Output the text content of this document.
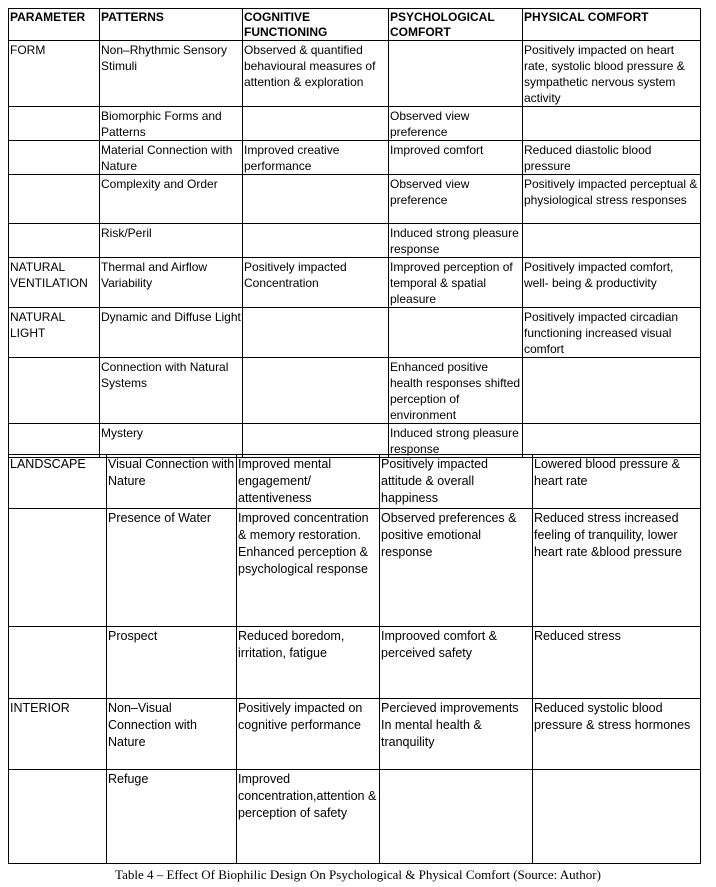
PARAMETER	PATTERNS	COGNITIVE FUNCTIONING	PSYCHOLOGICAL COMFORT	PHYSICAL COMFORT
FORM	Non–Rhythmic Sensory Stimuli	Observed & quantified behavioural measures of attention & exploration		Positively impacted on heart rate, systolic blood pressure & sympathetic nervous system activity
	Biomorphic Forms and Patterns		Observed view preference	
	Material Connection with Nature	Improved creative performance	Improved comfort	Reduced diastolic blood pressure
	Complexity and Order		Observed view preference	Positively impacted perceptual & physiological stress responses
	Risk/Peril		Induced strong pleasure response	
NATURAL VENTILATION	Thermal and Airflow Variability	Positively impacted Concentration	Improved perception of temporal & spatial pleasure	Positively impacted comfort, well- being & productivity
NATURAL LIGHT	Dynamic and Diffuse Light			Positively impacted circadian functioning increased visual comfort
	Connection with Natural Systems		Enhanced positive health responses shifted perception of environment	
	Mystery		Induced strong pleasure response	
LANDSCAPE	Visual Connection with Nature	Improved mental engagement/ attentiveness	Positively impacted attitude & overall happiness	Lowered blood pressure & heart rate
	Presence of Water	Improved concentration & memory restoration. Enhanced perception & psychological response	Observed preferences & positive emotional response	Reduced stress increased feeling of tranquility, lower heart rate &blood pressure
	Prospect	Reduced boredom, irritation, fatigue	Improoved comfort & perceived safety	Reduced stress
INTERIOR	Non–Visual Connection with Nature	Positively impacted on cognitive performance	Percieved improvements In mental health & tranquility	Reduced systolic blood pressure & stress hormones
	Refuge	Improved concentration,attention & perception of safety		
Table 4 – Effect Of Biophilic Design On Psychological & Physical Comfort (Source: Author)
